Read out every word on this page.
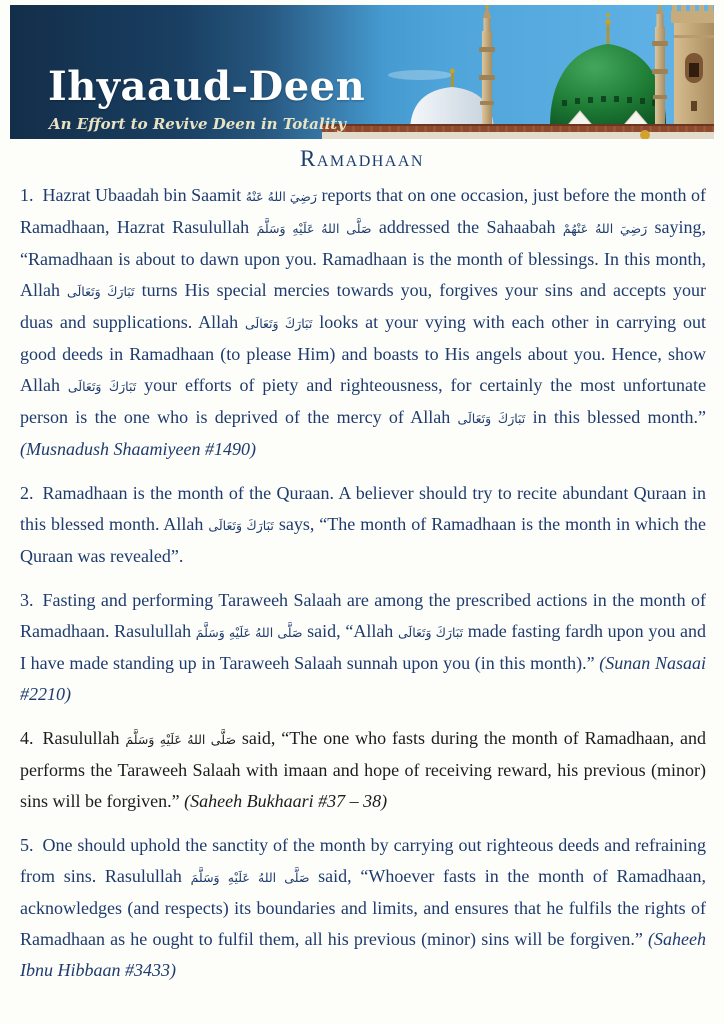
Ihyaaud-Deen
An Effort to Revive Deen in Totality
Ramadhaan

1. Hazrat Ubaadah bin Saamit رَضِيَ اللهُ عَنْهُ reports that on one occasion, just before the month of Ramadhaan, Hazrat Rasulullah صَلَّى اللهُ عَلَيْهِ وَسَلَّمَ addressed the Sahaabah رَضِيَ اللهُ عَنْهُمْ saying, “Ramadhaan is about to dawn upon you. Ramadhaan is the month of blessings. In this month, Allah تَبَارَكَ وَتَعَالَى turns His special mercies towards you, forgives your sins and accepts your duas and supplications. Allah تَبَارَكَ وَتَعَالَى looks at your vying with each other in carrying out good deeds in Ramadhaan (to please Him) and boasts to His angels about you. Hence, show Allah تَبَارَكَ وَتَعَالَى your efforts of piety and righteousness, for certainly the most unfortunate person is the one who is deprived of the mercy of Allah تَبَارَكَ وَتَعَالَى in this blessed month.” (Musnadush Shaamiyeen #1490)

2. Ramadhaan is the month of the Quraan. A believer should try to recite abundant Quraan in this blessed month. Allah تَبَارَكَ وَتَعَالَى says, “The month of Ramadhaan is the month in which the Quraan was revealed”.

3. Fasting and performing Taraweeh Salaah are among the prescribed actions in the month of Ramadhaan. Rasulullah صَلَّى اللهُ عَلَيْهِ وَسَلَّمَ said, “Allah تَبَارَكَ وَتَعَالَى made fasting fardh upon you and I have made standing up in Taraweeh Salaah sunnah upon you (in this month).” (Sunan Nasaai #2210)

4. Rasulullah صَلَّى اللهُ عَلَيْهِ وَسَلَّمَ said, “The one who fasts during the month of Ramadhaan, and performs the Taraweeh Salaah with imaan and hope of receiving reward, his previous (minor) sins will be forgiven.” (Saheeh Bukhaari #37 – 38)

5. One should uphold the sanctity of the month by carrying out righteous deeds and refraining from sins. Rasulullah صَلَّى اللهُ عَلَيْهِ وَسَلَّمَ said, “Whoever fasts in the month of Ramadhaan, acknowledges (and respects) its boundaries and limits, and ensures that he fulfils the rights of Ramadhaan as he ought to fulfil them, all his previous (minor) sins will be forgiven.” (Saheeh Ibnu Hibbaan #3433)
